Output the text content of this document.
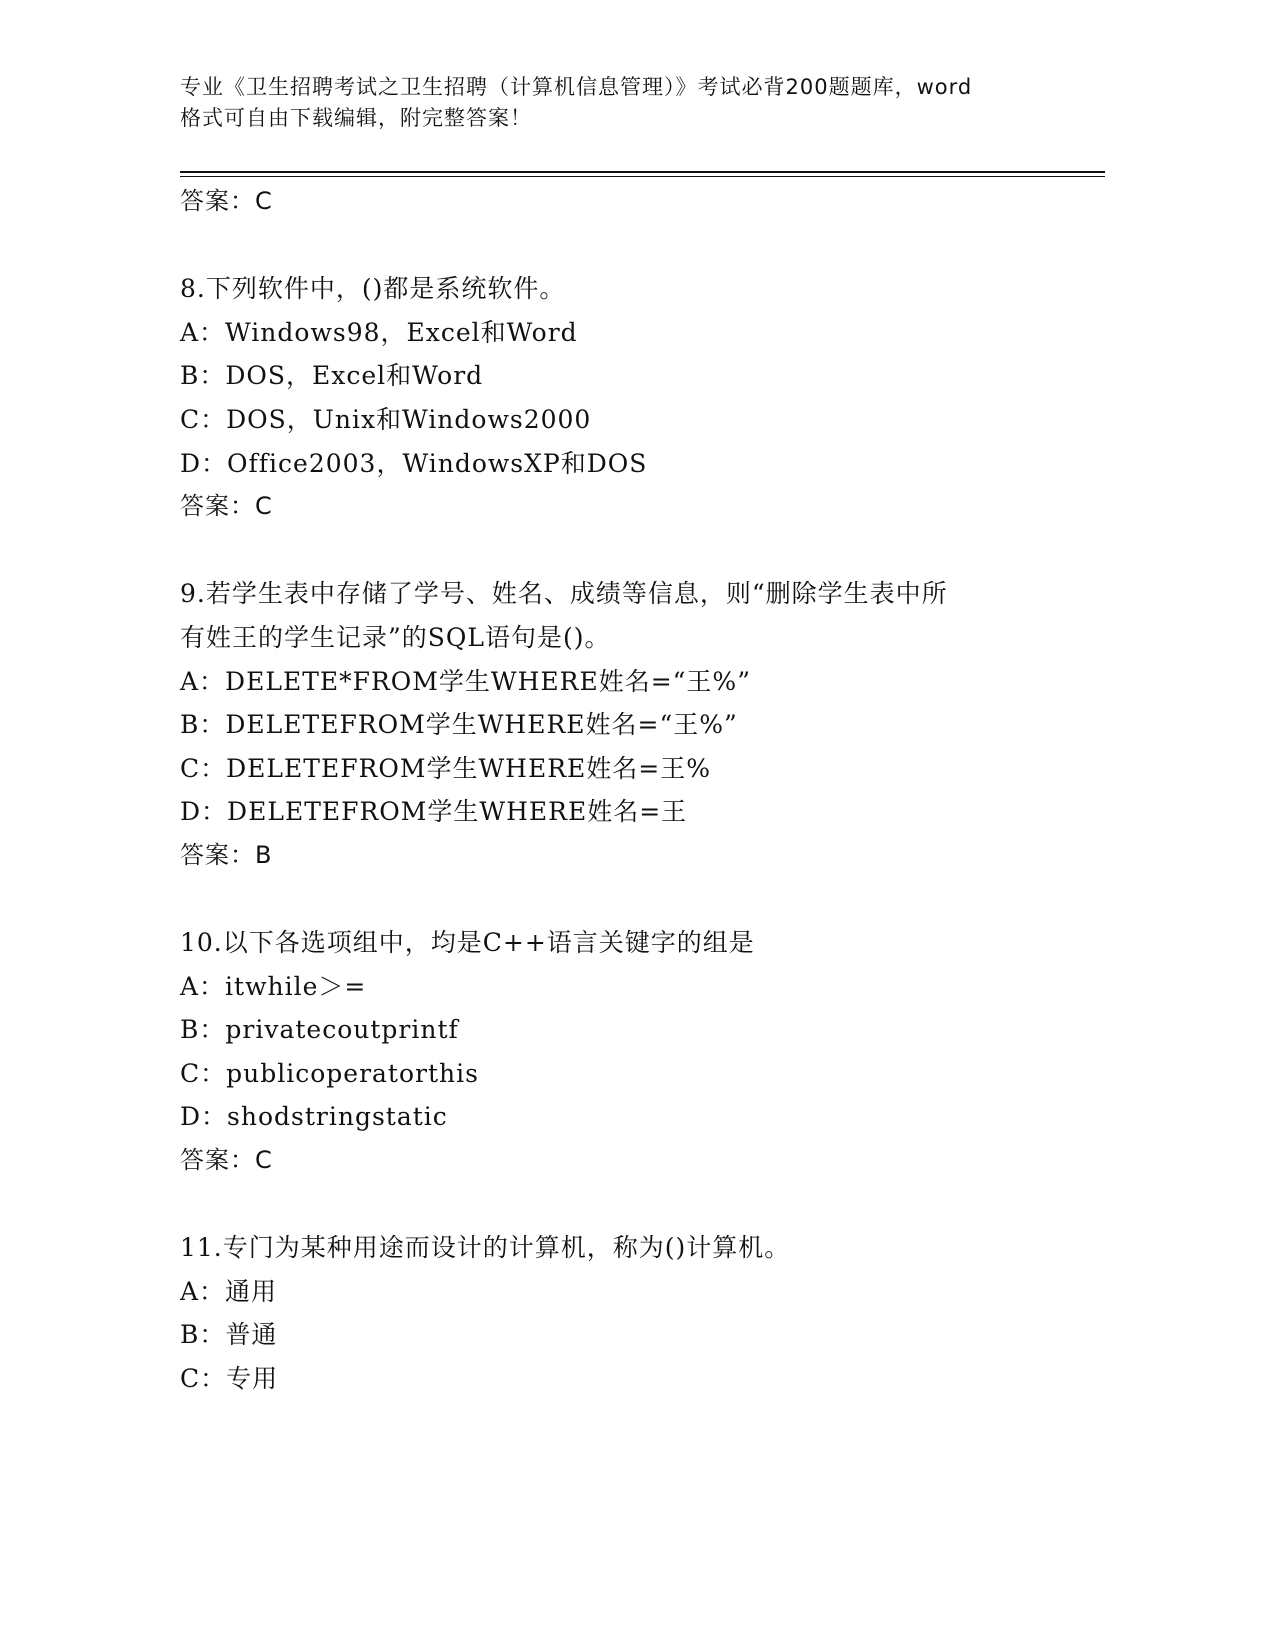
专业《卫生招聘考试之卫生招聘（计算机信息管理）》考试必背200题题库，word
格式可自由下载编辑，附完整答案！
答案：C
8.下列软件中，()都是系统软件。
A：Windows98，Excel和Word
B：DOS，Excel和Word
C：DOS，Unix和Windows2000
D：Office2003，WindowsXP和DOS
答案：C
9.若学生表中存储了学号、姓名、成绩等信息，则“删除学生表中所
有姓王的学生记录”的SQL语句是()。
A：DELETE*FROM学生WHERE姓名=“王%”
B：DELETEFROM学生WHERE姓名=“王%”
C：DELETEFROM学生WHERE姓名=王%
D：DELETEFROM学生WHERE姓名=王
答案：B
10.以下各选项组中，均是C++语言关键字的组是
A：itwhile＞=
B：privatecoutprintf
C：publicoperatorthis
D：shodstringstatic
答案：C
11.专门为某种用途而设计的计算机，称为()计算机。
A：通用
B：普通
C：专用
